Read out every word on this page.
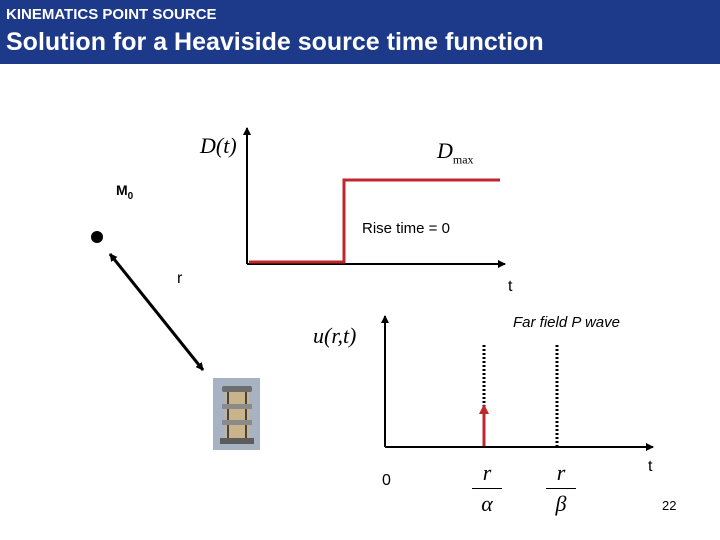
KINEMATICS POINT SOURCE
Solution for a Heaviside source time function
D(t)	$D_{max}$
$M_0$
Rise time = 0
r	t
Far field P wave
u(r,t)
t
0	r
α
r
β	22
